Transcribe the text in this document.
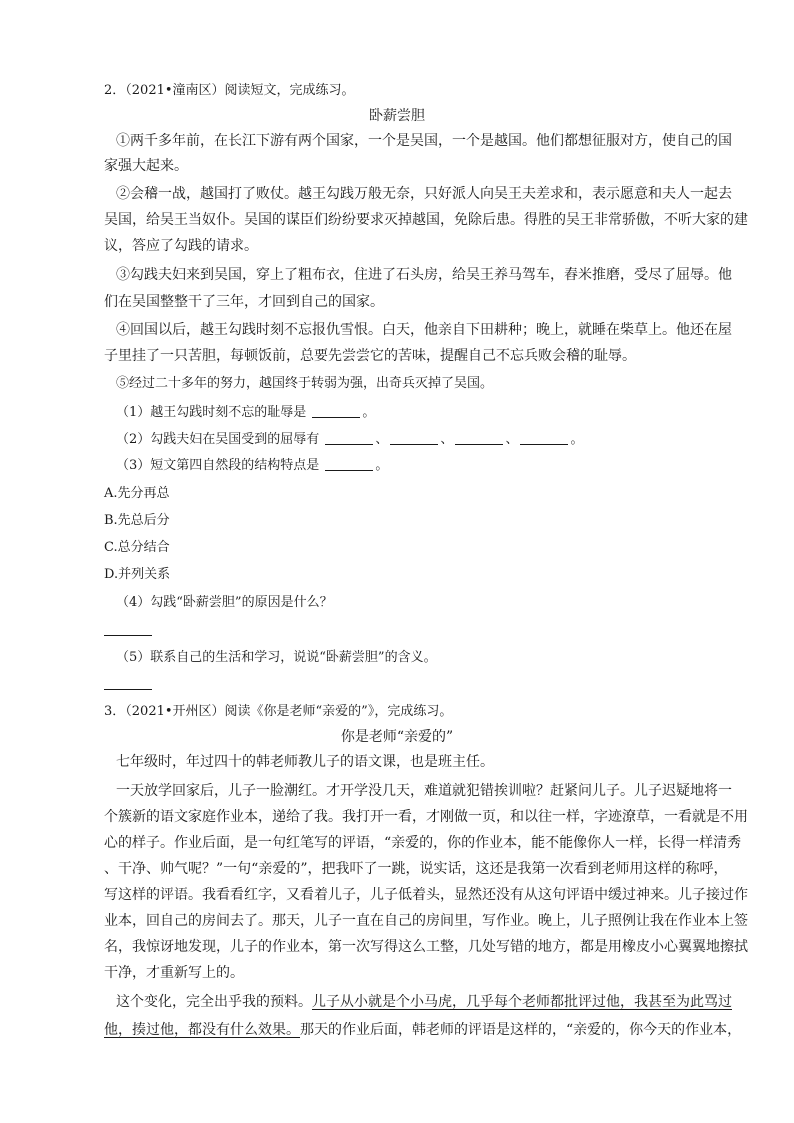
2．（2021•潼南区）阅读短文，完成练习。
卧薪尝胆
①两千多年前，在长江下游有两个国家，一个是吴国，一个是越国。他们都想征服对方，使自己的国
家强大起来。
②会稽一战，越国打了败仗。越王勾践万般无奈，只好派人向吴王夫差求和，表示愿意和夫人一起去
吴国，给吴王当奴仆。吴国的谋臣们纷纷要求灭掉越国，免除后患。得胜的吴王非常骄傲，不听大家的建
议，答应了勾践的请求。
③勾践夫妇来到吴国，穿上了粗布衣，住进了石头房，给吴王养马驾车，舂米推磨，受尽了屈辱。他
们在吴国整整干了三年，才回到自己的国家。
④回国以后，越王勾践时刻不忘报仇雪恨。白天，他亲自下田耕种；晚上，就睡在柴草上。他还在屋
子里挂了一只苦胆，每顿饭前，总要先尝尝它的苦味，提醒自己不忘兵败会稽的耻辱。
⑤经过二十多年的努力，越国终于转弱为强，出奇兵灭掉了吴国。
（1）越王勾践时刻不忘的耻辱是	。
（2）勾践夫妇在吴国受到的屈辱有	、	、	、	。
（3）短文第四自然段的结构特点是	。
A.先分再总
B.先总后分
C.总分结合
D.并列关系
（4）勾践“卧薪尝胆”的原因是什么？
（5）联系自己的生活和学习，说说“卧薪尝胆”的含义。
3．（2021•开州区）阅读《你是老师“亲爱的”》，完成练习。
你是老师“亲爱的”
七年级时，年过四十的韩老师教儿子的语文课，也是班主任。
一天放学回家后，儿子一脸潮红。才开学没几天，难道就犯错挨训啦？赶紧问儿子。儿子迟疑地将一
个簇新的语文家庭作业本，递给了我。我打开一看，才刚做一页，和以往一样，字迹潦草，一看就是不用
心的样子。作业后面，是一句红笔写的评语，“亲爱的，你的作业本，能不能像你人一样，长得一样清秀
、干净、帅气呢？”一句“亲爱的”，把我吓了一跳，说实话，这还是我第一次看到老师用这样的称呼，
写这样的评语。我看看红字，又看着儿子，儿子低着头，显然还没有从这句评语中缓过神来。儿子接过作
业本，回自己的房间去了。那天，儿子一直在自己的房间里，写作业。晚上，儿子照例让我在作业本上签
名，我惊讶地发现，儿子的作业本，第一次写得这么工整，几处写错的地方，都是用橡皮小心翼翼地擦拭
干净，才重新写上的。
这个变化，完全出乎我的预料。儿子从小就是个小马虎，几乎每个老师都批评过他，我甚至为此骂过
他，揍过他，都没有什么效果。那天的作业后面，韩老师的评语是这样的，“亲爱的，你今天的作业本，
